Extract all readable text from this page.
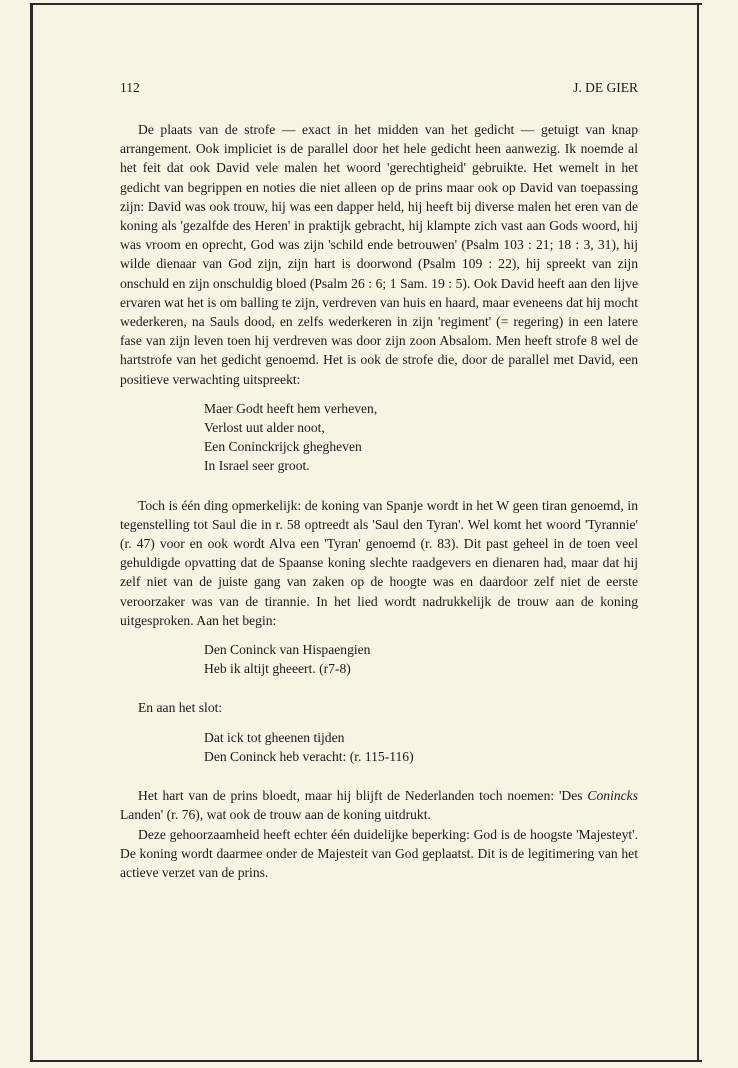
112	J. DE GIER

De plaats van de strofe — exact in het midden van het gedicht — getuigt van knap arrangement. Ook impliciet is de parallel door het hele gedicht heen aanwezig. Ik noemde al het feit dat ook David vele malen het woord 'gerechtigheid' gebruikte. Het wemelt in het gedicht van begrippen en noties die niet alleen op de prins maar ook op David van toepassing zijn: David was ook trouw, hij was een dapper held, hij heeft bij diverse malen het eren van de koning als 'gezalfde des Heren' in praktijk gebracht, hij klampte zich vast aan Gods woord, hij was vroom en oprecht, God was zijn 'schild ende betrouwen' (Psalm 103 : 21; 18 : 3, 31), hij wilde dienaar van God zijn, zijn hart is doorwond (Psalm 109 : 22), hij spreekt van zijn onschuld en zijn onschuldig bloed (Psalm 26 : 6; 1 Sam. 19 : 5). Ook David heeft aan den lijve ervaren wat het is om balling te zijn, verdreven van huis en haard, maar eveneens dat hij mocht wederkeren, na Sauls dood, en zelfs wederkeren in zijn 'regiment' (= regering) in een latere fase van zijn leven toen hij verdreven was door zijn zoon Absalom. Men heeft strofe 8 wel de hartstrofe van het gedicht genoemd. Het is ook de strofe die, door de parallel met David, een positieve verwachting uitspreekt:

Maer Godt heeft hem verheven,
Verlost uut alder noot,
Een Coninckrijck ghegheven
In Israel seer groot.

Toch is één ding opmerkelijk: de koning van Spanje wordt in het W geen tiran genoemd, in tegenstelling tot Saul die in r. 58 optreedt als 'Saul den Tyran'. Wel komt het woord 'Tyrannie' (r. 47) voor en ook wordt Alva een 'Tyran' genoemd (r. 83). Dit past geheel in de toen veel gehuldigde opvatting dat de Spaanse koning slechte raadgevers en dienaren had, maar dat hij zelf niet van de juiste gang van zaken op de hoogte was en daardoor zelf niet de eerste veroorzaker was van de tirannie. In het lied wordt nadrukkelijk de trouw aan de koning uitgesproken. Aan het begin:

Den Coninck van Hispaengien
Heb ik altijt gheeert. (r7-8)

En aan het slot:

Dat ick tot gheenen tijden
Den Coninck heb veracht: (r. 115-116)

Het hart van de prins bloedt, maar hij blijft de Nederlanden toch noemen: 'Des Conincks Landen' (r. 76), wat ook de trouw aan de koning uitdrukt.

Deze gehoorzaamheid heeft echter één duidelijke beperking: God is de hoogste 'Majesteyt'. De koning wordt daarmee onder de Majesteit van God geplaatst. Dit is de legitimering van het actieve verzet van de prins.
